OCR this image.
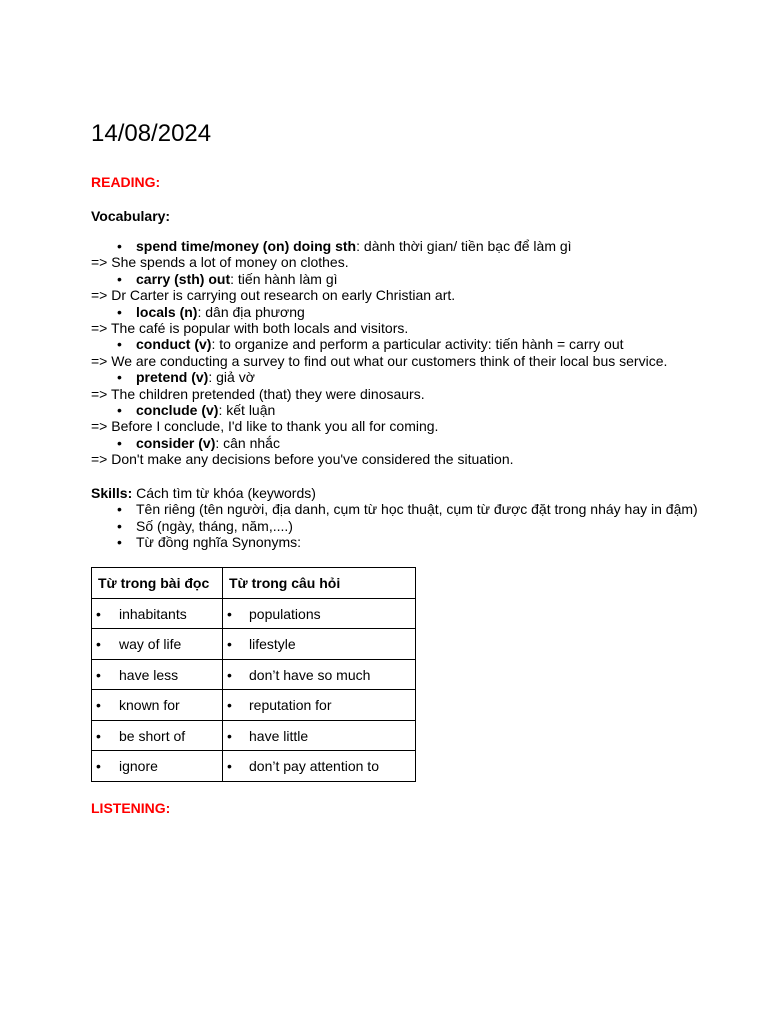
14/08/2024

READING:

Vocabulary:

• spend time/money (on) doing sth: dành thời gian/ tiền bạc để làm gì

=> She spends a lot of money on clothes.

• carry (sth) out: tiến hành làm gì

=> Dr Carter is carrying out research on early Christian art.

• locals (n): dân địa phương

=> The café is popular with both locals and visitors.

• conduct (v): to organize and perform a particular activity: tiến hành = carry out

=> We are conducting a survey to find out what our customers think of their local bus service.

• pretend (v): giả vờ

=> The children pretended (that) they were dinosaurs.

• conclude (v): kết luận

=> Before I conclude, I'd like to thank you all for coming.

• consider (v): cân nhắc

=> Don't make any decisions before you've considered the situation.

Skills: Cách tìm từ khóa (keywords)

• Tên riêng (tên người, địa danh, cụm từ học thuật, cụm từ được đặt trong nháy hay in đậm)
• Số (ngày, tháng, năm,....)
• Từ đồng nghĩa Synonyms:
Từ trong bài đọc	Từ trong câu hỏi

• inhabitants	• populations

• way of life	• lifestyle

• have less	• don’t have so much

• known for	• reputation for

• be short of	• have little

• ignore	• don’t pay attention to

LISTENING:
